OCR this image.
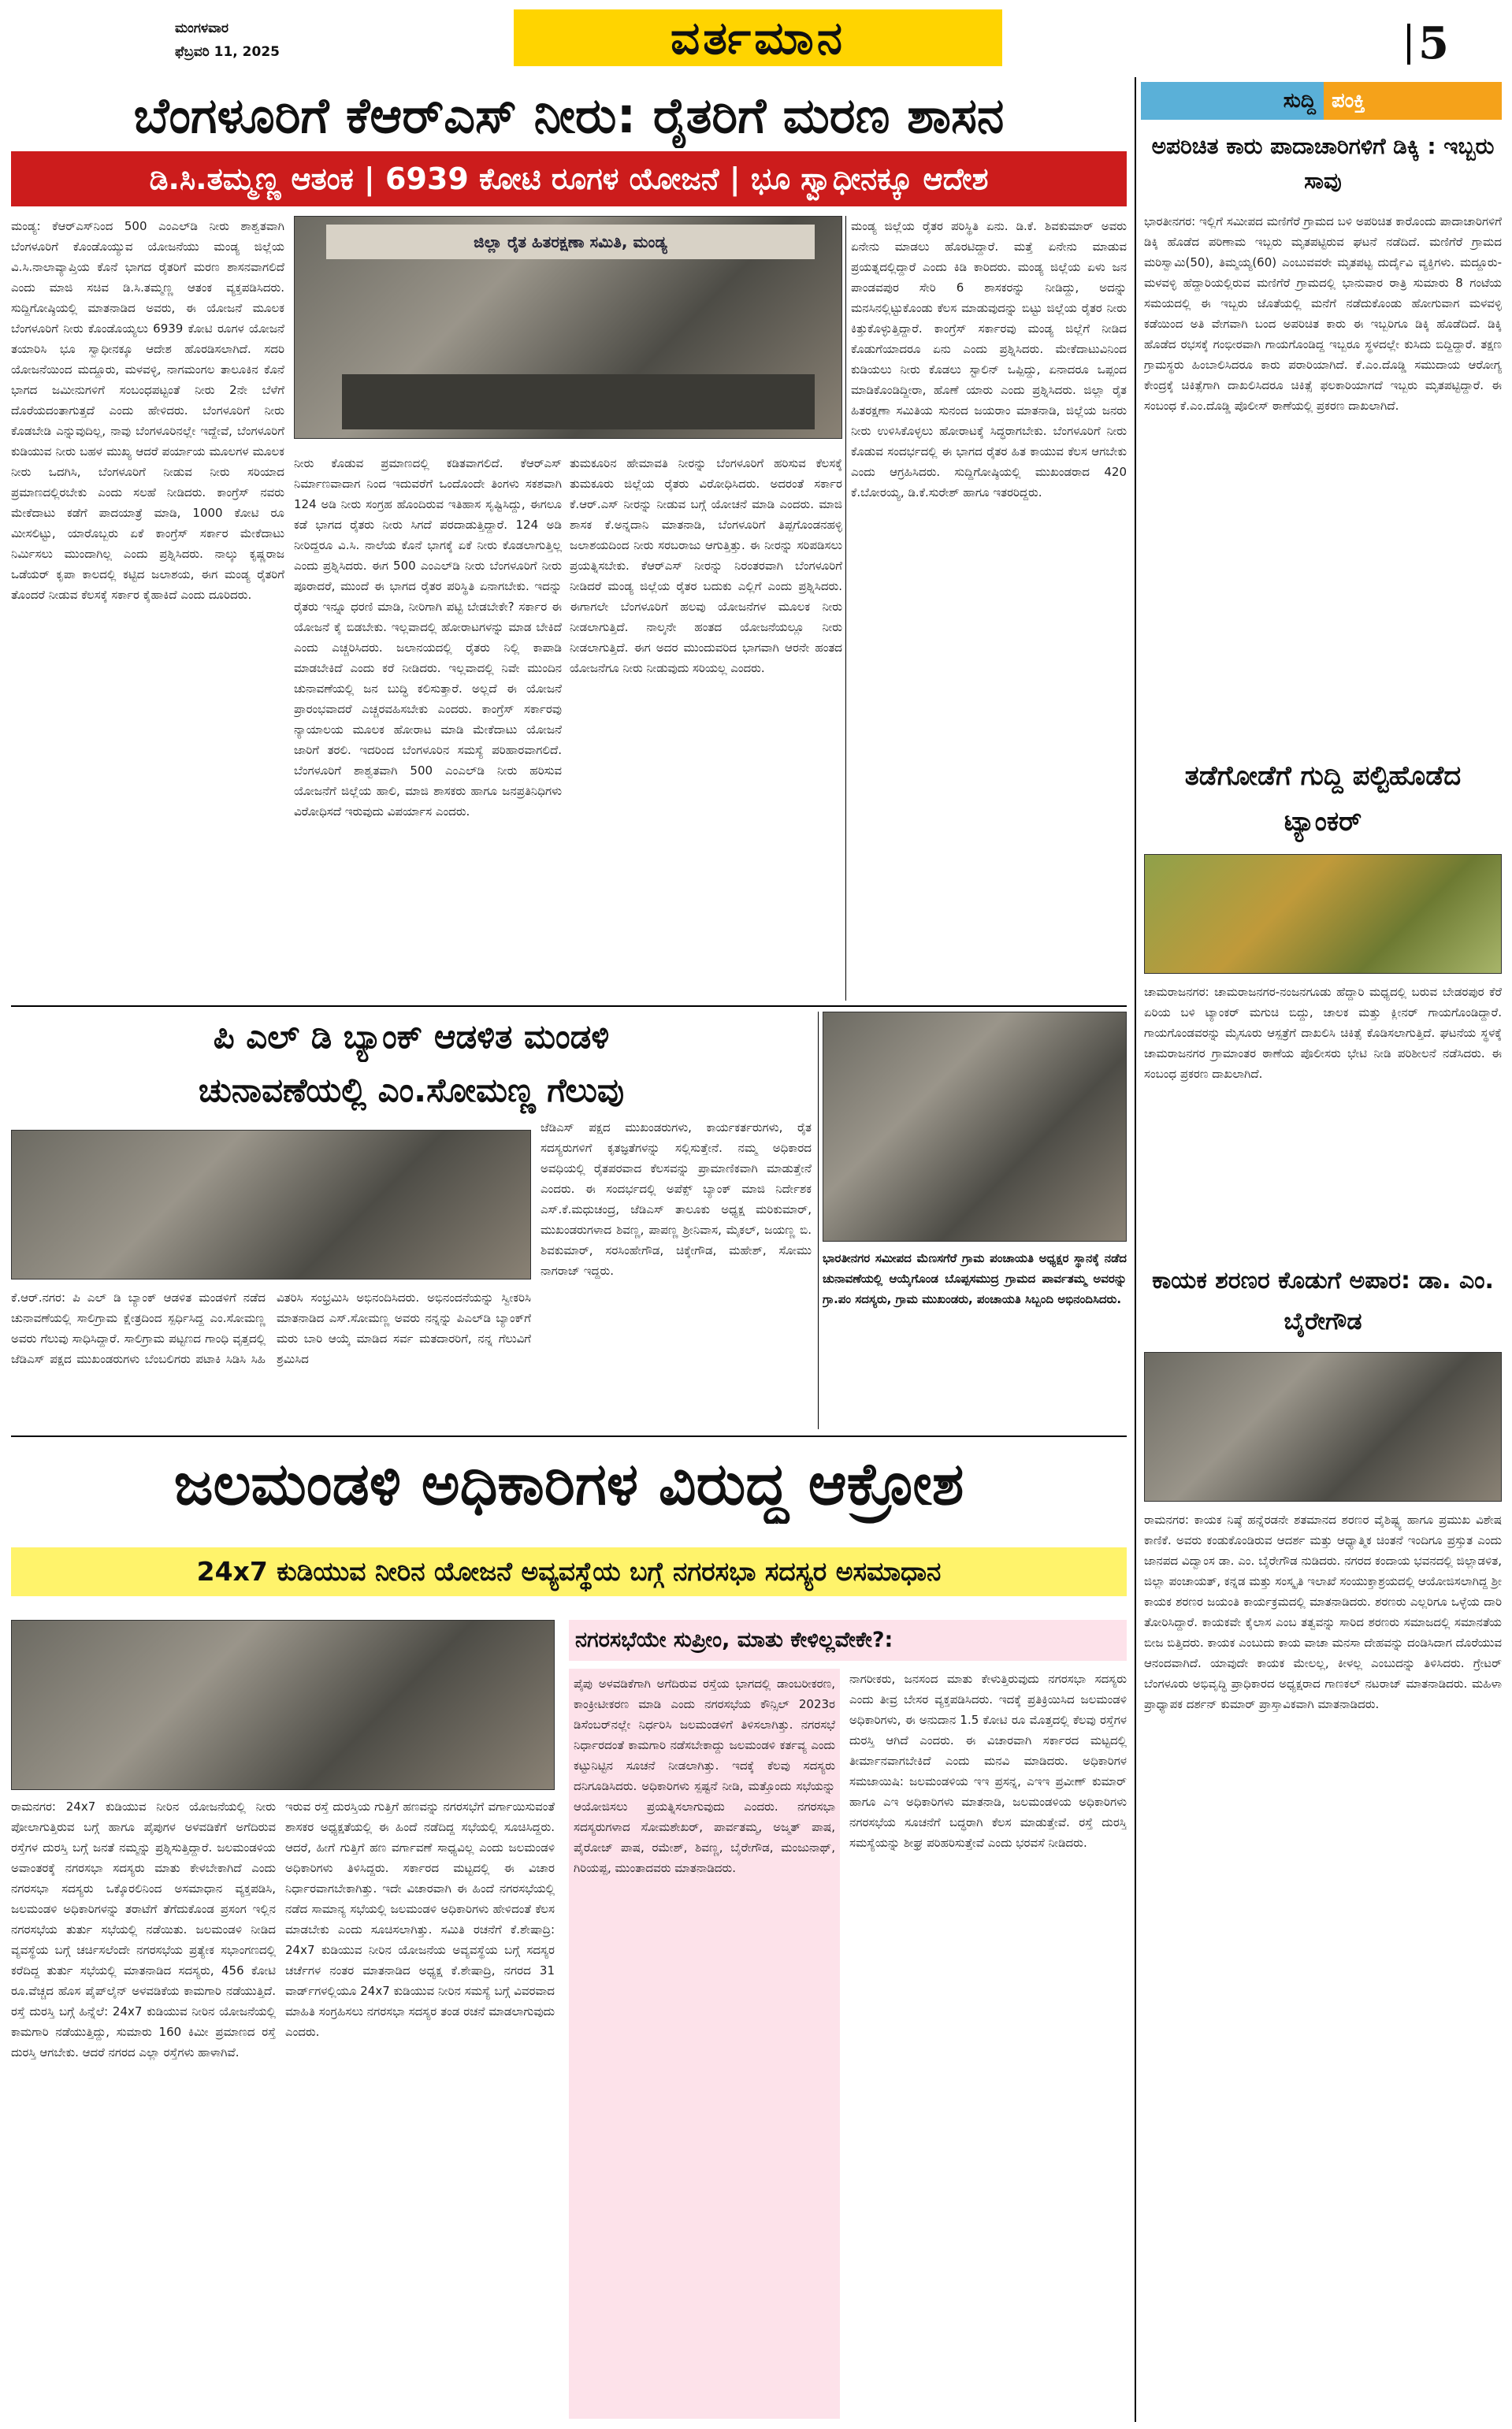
ಮಂಗಳವಾರ
ಫೆಬ್ರವರಿ 11, 2025	ವರ್ತಮಾನ	5
ಬೆಂಗಳೂರಿಗೆ ಕೆಆರ್‌ಎಸ್ ನೀರು: ರೈತರಿಗೆ ಮರಣ ಶಾಸನ
ಡಿ.ಸಿ.ತಮ್ಮಣ್ಣ ಆತಂಕ | 6939 ಕೋಟಿ ರೂಗಳ ಯೋಜನೆ | ಭೂ ಸ್ವಾಧೀನಕ್ಕೂ ಆದೇಶ
ಜಿಲ್ಲಾ ರೈತ ಹಿತರಕ್ಷಣಾ ಸಮಿತಿ, ಮಂಡ್ಯ
ಮಂಡ್ಯ: ಕೆಆರ್‌ಎಸ್‌ನಿಂದ 500 ಎಂಎಲ್‌ಡಿ ನೀರು ಶಾಶ್ವತವಾಗಿ ಬೆಂಗಳೂರಿಗೆ ಕೊಂಡೊಯ್ಯುವ ಯೋಜನೆಯು ಮಂಡ್ಯ ಜಿಲ್ಲೆಯ ವಿ.ಸಿ.ನಾಲಾವ್ಯಾಪ್ತಿಯ ಕೊನೆ ಭಾಗದ ರೈತರಿಗೆ ಮರಣ ಶಾಸನವಾಗಲಿದೆ ಎಂದು ಮಾಜಿ ಸಚಿವ ಡಿ.ಸಿ.ತಮ್ಮಣ್ಣ ಆತಂಕ ವ್ಯಕ್ತಪಡಿಸಿದರು. ಸುದ್ದಿಗೋಷ್ಠಿಯಲ್ಲಿ ಮಾತನಾಡಿದ ಅವರು, ಈ ಯೋಜನೆ ಮೂಲಕ ಬೆಂಗಳೂರಿಗೆ ನೀರು ಕೊಂಡೊಯ್ಯಲು 6939 ಕೋಟಿ ರೂಗಳ ಯೋಜನೆ ತಯಾರಿಸಿ ಭೂ ಸ್ವಾಧೀನಕ್ಕೂ ಆದೇಶ ಹೊರಡಿಸಲಾಗಿದೆ. ಸದರಿ ಯೋಜನೆಯಿಂದ ಮದ್ದೂರು, ಮಳವಳ್ಳಿ, ನಾಗಮಂಗಲ ತಾಲೂಕಿನ ಕೊನೆ ಭಾಗದ ಜಮೀನುಗಳಿಗೆ ಸಂಬಂಧಪಟ್ಟಂತೆ ನೀರು 2ನೇ ಬೆಳೆಗೆ ದೊರೆಯದಂತಾಗುತ್ತದೆ ಎಂದು ಹೇಳಿದರು. ಬೆಂಗಳೂರಿಗೆ ನೀರು ಕೊಡಬೇಡಿ ಎನ್ನುವುದಿಲ್ಲ, ನಾವು ಬೆಂಗಳೂರಿನಲ್ಲೇ ಇದ್ದೇವೆ, ಬೆಂಗಳೂರಿಗೆ ಕುಡಿಯುವ ನೀರು ಬಹಳ ಮುಖ್ಯ ಆದರೆ ಪರ್ಯಾಯ ಮೂಲಗಳ ಮೂಲಕ ನೀರು ಒದಗಿಸಿ, ಬೆಂಗಳೂರಿಗೆ ನೀಡುವ ನೀರು ಸರಿಯಾದ ಪ್ರಮಾಣದಲ್ಲಿರಬೇಕು ಎಂದು ಸಲಹೆ ನೀಡಿದರು. ಕಾಂಗ್ರೆಸ್ ನವರು ಮೇಕೆದಾಟು ಕಡೆಗೆ ಪಾದಯಾತ್ರೆ ಮಾಡಿ, 1000 ಕೋಟಿ ರೂ ಮೀಸಲಿಟ್ಟು, ಯಾರೊಬ್ಬರು ಏಕೆ ಕಾಂಗ್ರೆಸ್ ಸರ್ಕಾರ ಮೇಕೆದಾಟು ನಿರ್ಮಿಸಲು ಮುಂದಾಗಿಲ್ಲ ಎಂದು ಪ್ರಶ್ನಿಸಿದರು. ನಾಲ್ಕು ಕೃಷ್ಣರಾಜ ಒಡೆಯರ್ ಕೃಪಾ ಕಾಲದಲ್ಲಿ ಕಟ್ಟಿದ ಜಲಾಶಯ, ಈಗ ಮಂಡ್ಯ ರೈತರಿಗೆ ತೊಂದರೆ ನೀಡುವ ಕೆಲಸಕ್ಕೆ ಸರ್ಕಾರ ಕೈಹಾಕಿದೆ ಎಂದು ದೂರಿದರು.
ನೀರು ಕೊಡುವ ಪ್ರಮಾಣದಲ್ಲಿ ಕಡಿತವಾಗಲಿದೆ. ಕೆಆರ್‌ಎಸ್ ನಿರ್ಮಾಣವಾದಾಗ ನಿಂದ ಇದುವರೆಗೆ ಒಂದೊಂದೇ ತಿಂಗಳು ಸಕಶವಾಗಿ 124 ಅಡಿ ನೀರು ಸಂಗ್ರಹ ಹೊಂದಿರುವ ಇತಿಹಾಸ ಸೃಷ್ಟಿಸಿದ್ದು, ಈಗಲೂ ಕಡೆ ಭಾಗದ ರೈತರು ನೀರು ಸಿಗದೆ ಪರದಾಡುತ್ತಿದ್ದಾರೆ. 124 ಅಡಿ ನೀರಿದ್ದರೂ ವಿ.ಸಿ. ನಾಲೆಯ ಕೊನೆ ಭಾಗಕ್ಕೆ ಏಕೆ ನೀರು ಕೊಡಲಾಗುತ್ತಿಲ್ಲ ಎಂದು ಪ್ರಶ್ನಿಸಿದರು. ಈಗ 500 ಎಂಎಲ್‌ಡಿ ನೀರು ಬೆಂಗಳೂರಿಗೆ ನೀರು ಪೂರಾದರೆ, ಮುಂದೆ ಈ ಭಾಗದ ರೈತರ ಪರಿಸ್ಥಿತಿ ಏನಾಗಬೇಕು. ಇದನ್ನು ರೈತರು ಇನ್ನೂ ಧರಣಿ ಮಾಡಿ, ನೀರಿಗಾಗಿ ಪಟ್ಟಿ ಬೇಡಬೇಕೇ? ಸರ್ಕಾರ ಈ ಯೋಜನೆ ಕೈ ಬಿಡಬೇಕು. ಇಲ್ಲವಾದಲ್ಲಿ ಹೋರಾಟಗಳನ್ನು ಮಾಡ ಬೇಕಿದೆ ಎಂದು ಎಚ್ಚರಿಸಿದರು. ಜಲಾನಯದಲ್ಲಿ ರೈತರು ನಿಲ್ಲಿ ಕಾಪಾಡಿ ಮಾಡಬೇಕಿದೆ ಎಂದು ಕರೆ ನೀಡಿದರು. ಇಲ್ಲವಾದಲ್ಲಿ ನಿವೇ ಮುಂದಿನ ಚುನಾವಣೆಯಲ್ಲಿ ಜನ ಬುದ್ಧಿ ಕಲಿಸುತ್ತಾರೆ. ಅಲ್ಲದೆ ಈ ಯೋಜನೆ ಪ್ರಾರಂಭವಾದರೆ ಎಚ್ಚರವಹಿಸಬೇಕು ಎಂದರು. ಕಾಂಗ್ರೆಸ್ ಸರ್ಕಾರವು ನ್ಯಾಯಾಲಯ ಮೂಲಕ ಹೋರಾಟ ಮಾಡಿ ಮೇಕೆದಾಟು ಯೋಜನೆ ಜಾರಿಗೆ ತರಲಿ. ಇದರಿಂದ ಬೆಂಗಳೂರಿನ ಸಮಸ್ಯೆ ಪರಿಹಾರವಾಗಲಿದೆ. ಬೆಂಗಳೂರಿಗೆ ಶಾಶ್ವತವಾಗಿ 500 ಎಂಎಲ್‌ಡಿ ನೀರು ಹರಿಸುವ ಯೋಜನೆಗೆ ಜಿಲ್ಲೆಯ ಹಾಲಿ, ಮಾಜಿ ಶಾಸಕರು ಹಾಗೂ ಜನಪ್ರತಿನಿಧಿಗಳು ವಿರೋಧಿಸದೆ ಇರುವುದು ವಿಪರ್ಯಾಸ ಎಂದರು.
ತುಮಕೂರಿನ ಹೇಮಾವತಿ ನೀರನ್ನು ಬೆಂಗಳೂರಿಗೆ ಹರಿಸುವ ಕೆಲಸಕ್ಕೆ ತುಮಕೂರು ಜಿಲ್ಲೆಯ ರೈತರು ವಿರೋಧಿಸಿದರು. ಅದರಂತೆ ಸರ್ಕಾರ ಕೆ.ಆರ್.ಎಸ್ ನೀರನ್ನು ನೀಡುವ ಬಗ್ಗೆ ಯೋಚನೆ ಮಾಡಿ ಎಂದರು. ಮಾಜಿ ಶಾಸಕ ಕೆ.ಅನ್ನದಾನಿ ಮಾತನಾಡಿ, ಬೆಂಗಳೂರಿಗೆ ತಿಪ್ಪಗೊಂಡನಹಳ್ಳಿ ಜಲಾಶಯದಿಂದ ನೀರು ಸರಬರಾಜು ಆಗುತ್ತಿತ್ತು. ಈ ನೀರನ್ನು ಸರಿಪಡಿಸಲು ಪ್ರಯತ್ನಿಸಬೇಕು. ಕೆಆರ್‌ಎಸ್ ನೀರನ್ನು ನಿರಂತರವಾಗಿ ಬೆಂಗಳೂರಿಗೆ ನೀಡಿದರೆ ಮಂಡ್ಯ ಜಿಲ್ಲೆಯ ರೈತರ ಬದುಕು ಎಲ್ಲಿಗೆ ಎಂದು ಪ್ರಶ್ನಿಸಿದರು. ಈಗಾಗಲೇ ಬೆಂಗಳೂರಿಗೆ ಹಲವು ಯೋಜನೆಗಳ ಮೂಲಕ ನೀರು ನೀಡಲಾಗುತ್ತಿದೆ. ನಾಲ್ಕನೇ ಹಂತದ ಯೋಜನೆಯಲ್ಲೂ ನೀರು ನೀಡಲಾಗುತ್ತಿದೆ. ಈಗ ಅದರ ಮುಂದುವರಿದ ಭಾಗವಾಗಿ ಆರನೇ ಹಂತದ ಯೋಜನೆಗೂ ನೀರು ನೀಡುವುದು ಸರಿಯಲ್ಲ ಎಂದರು.
ಮಂಡ್ಯ ಜಿಲ್ಲೆಯ ರೈತರ ಪರಿಸ್ಥಿತಿ ಏನು. ಡಿ.ಕೆ. ಶಿವಕುಮಾರ್ ಅವರು ಏನೇನು ಮಾಡಲು ಹೊರಟಿದ್ದಾರೆ. ಮತ್ತೆ ಏನೇನು ಮಾಡುವ ಪ್ರಯತ್ನದಲ್ಲಿದ್ದಾರೆ ಎಂದು ಕಿಡಿ ಕಾರಿದರು. ಮಂಡ್ಯ ಜಿಲ್ಲೆಯ ಏಳು ಜನ ಪಾಂಡವಪುರ ಸೇರಿ 6 ಶಾಸಕರನ್ನು ನೀಡಿದ್ದು, ಅದನ್ನು ಮನಸಿನಲ್ಲಿಟ್ಟುಕೊಂಡು ಕೆಲಸ ಮಾಡುವುದನ್ನು ಬಿಟ್ಟು ಜಿಲ್ಲೆಯ ರೈತರ ನೀರು ಕಿತ್ತುಕೊಳ್ಳುತ್ತಿದ್ದಾರೆ. ಕಾಂಗ್ರೆಸ್ ಸರ್ಕಾರವು ಮಂಡ್ಯ ಜಿಲ್ಲೆಗೆ ನೀಡಿದ ಕೊಡುಗೆಯಾದರೂ ಏನು ಎಂದು ಪ್ರಶ್ನಿಸಿದರು. ಮೇಕೆದಾಟುವಿನಿಂದ ಕುಡಿಯಲು ನೀರು ಕೊಡಲು ಸ್ಟಾಲಿನ್ ಒಪ್ಪಿದ್ದು, ಏನಾದರೂ ಒಪ್ಪಂದ ಮಾಡಿಕೊಂಡಿದ್ದೀರಾ, ಹೊಣೆ ಯಾರು ಎಂದು ಪ್ರಶ್ನಿಸಿದರು. ಜಿಲ್ಲಾ ರೈತ ಹಿತರಕ್ಷಣಾ ಸಮಿತಿಯ ಸುನಂದ ಜಯರಾಂ ಮಾತನಾಡಿ, ಜಿಲ್ಲೆಯ ಜನರು ನೀರು ಉಳಿಸಿಕೊಳ್ಳಲು ಹೋರಾಟಕ್ಕೆ ಸಿದ್ಧರಾಗಬೇಕು. ಬೆಂಗಳೂರಿಗೆ ನೀರು ಕೊಡುವ ಸಂದರ್ಭದಲ್ಲಿ ಈ ಭಾಗದ ರೈತರ ಹಿತ ಕಾಯುವ ಕೆಲಸ ಆಗಬೇಕು ಎಂದು ಆಗ್ರಹಿಸಿದರು. ಸುದ್ದಿಗೋಷ್ಠಿಯಲ್ಲಿ ಮುಖಂಡರಾದ 420 ಕೆ.ಬೋರಯ್ಯ, ಡಿ.ಕೆ.ಸುರೇಶ್ ಹಾಗೂ ಇತರರಿದ್ದರು.
ಪಿ ಎಲ್ ಡಿ ಬ್ಯಾಂಕ್ ಆಡಳಿತ ಮಂಡಳಿ
ಚುನಾವಣೆಯಲ್ಲಿ ಎಂ.ಸೋಮಣ್ಣ ಗೆಲುವು
ಜೆಡಿಎಸ್ ಪಕ್ಷದ ಮುಖಂಡರುಗಳು, ಕಾರ್ಯಕರ್ತರುಗಳು, ರೈತ ಸದಸ್ಯರುಗಳಿಗೆ ಕೃತಜ್ಞತೆಗಳನ್ನು ಸಲ್ಲಿಸುತ್ತೇನೆ. ನಮ್ಮ ಅಧಿಕಾರದ ಅವಧಿಯಲ್ಲಿ ರೈತಪರವಾದ ಕೆಲಸವನ್ನು ಪ್ರಾಮಾಣಿಕವಾಗಿ ಮಾಡುತ್ತೇನೆ ಎಂದರು. ಈ ಸಂದರ್ಭದಲ್ಲಿ ಅಪೆಕ್ಸ್ ಬ್ಯಾಂಕ್ ಮಾಜಿ ನಿರ್ದೇಶಕ ಎಸ್.ಕೆ.ಮಧುಚಂದ್ರ, ಜೆಡಿಎಸ್ ತಾಲೂಕು ಅಧ್ಯಕ್ಷ ಮರಿಕುಮಾರ್, ಮುಖಂಡರುಗಳಾದ ಶಿವಣ್ಣ, ಪಾಪಣ್ಣ ಶ್ರೀನಿವಾಸ, ಮೈಕಲ್, ಜಯಣ್ಣ ಬಿ. ಶಿವಕುಮಾರ್, ಸರಸಿಂಹೇಗೌಡ, ಚಿಕ್ಕೇಗೌಡ, ಮಹೇಶ್, ಸೋಮು ನಾಗರಾಜ್ ಇದ್ದರು.
ಕೆ.ಆರ್.ನಗರ: ಪಿ ಎಲ್ ಡಿ ಬ್ಯಾಂಕ್ ಆಡಳಿತ ಮಂಡಳಿಗೆ ನಡೆದ ಚುನಾವಣೆಯಲ್ಲಿ ಸಾಲಿಗ್ರಾಮ ಕ್ಷೇತ್ರದಿಂದ ಸ್ಪರ್ಧಿಸಿದ್ದ ಎಂ.ಸೋಮಣ್ಣ ಅವರು ಗೆಲುವು ಸಾಧಿಸಿದ್ದಾರೆ. ಸಾಲಿಗ್ರಾಮ ಪಟ್ಟಣದ ಗಾಂಧಿ ವೃತ್ತದಲ್ಲಿ ಜೆಡಿಎಸ್ ಪಕ್ಷದ ಮುಖಂಡರುಗಳು ಬೆಂಬಲಿಗರು ಪಟಾಕಿ ಸಿಡಿಸಿ ಸಿಹಿ ವಿತರಿಸಿ ಸಂಭ್ರಮಿಸಿ ಅಭಿನಂದಿಸಿದರು. ಅಭಿನಂದನೆಯನ್ನು ಸ್ವೀಕರಿಸಿ ಮಾತನಾಡಿದ ಎಸ್.ಸೋಮಣ್ಣ ಅವರು ನನ್ನನ್ನು ಪಿಎಲ್‌ಡಿ ಬ್ಯಾಂಕ್‌ಗೆ ಮರು ಬಾರಿ ಆಯ್ಕೆ ಮಾಡಿದ ಸರ್ವ ಮತದಾರರಿಗೆ, ನನ್ನ ಗೆಲುವಿಗೆ ಶ್ರಮಿಸಿದ
ಭಾರತೀನಗರ ಸಮೀಪದ ಮೆಣಸಗೆರೆ ಗ್ರಾಮ ಪಂಚಾಯತಿ ಅಧ್ಯಕ್ಷರ ಸ್ಥಾನಕ್ಕೆ ನಡೆದ ಚುನಾವಣೆಯಲ್ಲಿ ಆಯ್ಕೆಗೊಂಡ ಬೊಪ್ಪಸಮುದ್ರ ಗ್ರಾಮದ ಪಾರ್ವತಮ್ಮ ಅವರನ್ನು ಗ್ರಾ.ಪಂ ಸದಸ್ಯರು, ಗ್ರಾಮ ಮುಖಂಡರು, ಪಂಚಾಯತಿ ಸಿಬ್ಬಂದಿ ಅಭಿನಂದಿಸಿದರು.
ಜಲಮಂಡಳಿ ಅಧಿಕಾರಿಗಳ ವಿರುದ್ಧ ಆಕ್ರೋಶ
24x7 ಕುಡಿಯುವ ನೀರಿನ ಯೋಜನೆ ಅವ್ಯವಸ್ಥೆಯ ಬಗ್ಗೆ ನಗರಸಭಾ ಸದಸ್ಯರ ಅಸಮಾಧಾನ
ನಗರಸಭೆಯೇ ಸುಪ್ರೀಂ, ಮಾತು ಕೇಳಿಲ್ಲವೇಕೇ?:
ರಾಮನಗರ: 24x7 ಕುಡಿಯುವ ನೀರಿನ ಯೋಜನೆಯಲ್ಲಿ ನೀರು ಪೋಲಾಗುತ್ತಿರುವ ಬಗ್ಗೆ ಹಾಗೂ ಪೈಪುಗಳ ಅಳವಡಿಕೆಗೆ ಅಗೆದಿರುವ ರಸ್ತೆಗಳ ದುರಸ್ತಿ ಬಗ್ಗೆ ಜನತೆ ನಮ್ಮನ್ನು ಪ್ರಶ್ನಿಸುತ್ತಿದ್ದಾರೆ. ಜಲಮಂಡಳಿಯ ಅವಾಂತರಕ್ಕೆ ನಗರಸಭಾ ಸದಸ್ಯರು ಮಾತು ಕೇಳಬೇಕಾಗಿದೆ ಎಂದು ನಗರಸಭಾ ಸದಸ್ಯರು ಒಕ್ಕೊರಲಿನಿಂದ ಅಸಮಾಧಾನ ವ್ಯಕ್ತಪಡಿಸಿ, ಜಲಮಂಡಳಿ ಅಧಿಕಾರಿಗಳನ್ನು ತರಾಟೆಗೆ ತೆಗೆದುಕೊಂಡ ಪ್ರಸಂಗ ಇಲ್ಲಿನ ನಗರಸಭೆಯ ತುರ್ತು ಸಭೆಯಲ್ಲಿ ನಡೆಯಿತು. ಜಲಮಂಡಳಿ ನೀಡಿದ ವ್ಯವಸ್ಥೆಯ ಬಗ್ಗೆ ಚರ್ಚಿಸಲೆಂದೇ ನಗರಸಭೆಯ ಪ್ರತ್ಯೇಕ ಸಭಾಂಗಣದಲ್ಲಿ ಕರೆದಿದ್ದ ತುರ್ತು ಸಭೆಯಲ್ಲಿ ಮಾತನಾಡಿದ ಸದಸ್ಯರು, 456 ಕೋಟಿ ರೂ.ವೆಚ್ಚದ ಹೊಸ ಪೈಪ್‌ಲೈನ್ ಅಳವಡಿಕೆಯ ಕಾಮಗಾರಿ ನಡೆಯುತ್ತಿದೆ. ರಸ್ತೆ ದುರಸ್ತಿ ಬಗ್ಗೆ ಹಿನ್ನೆಲೆ: 24x7 ಕುಡಿಯುವ ನೀರಿನ ಯೋಜನೆಯಲ್ಲಿ ಕಾಮಗಾರಿ ನಡೆಯುತ್ತಿದ್ದು, ಸುಮಾರು 160 ಕಿಮೀ ಪ್ರಮಾಣದ ರಸ್ತೆ ದುರಸ್ತಿ ಆಗಬೇಕು. ಆದರೆ ನಗರದ ಎಲ್ಲಾ ರಸ್ತೆಗಳು ಹಾಳಾಗಿವೆ.
ಇರುವ ರಸ್ತೆ ದುರಸ್ತಿಯ ಗುತ್ತಿಗೆ ಹಣವನ್ನು ನಗರಸಭೆಗೆ ವರ್ಗಾಯಿಸುವಂತೆ ಶಾಸಕರ ಅಧ್ಯಕ್ಷತೆಯಲ್ಲಿ ಈ ಹಿಂದೆ ನಡೆದಿದ್ದ ಸಭೆಯಲ್ಲಿ ಸೂಚಿಸಿದ್ದರು. ಆದರೆ, ಹೀಗೆ ಗುತ್ತಿಗೆ ಹಣ ವರ್ಗಾವಣೆ ಸಾಧ್ಯವಿಲ್ಲ ಎಂದು ಜಲಮಂಡಳಿ ಅಧಿಕಾರಿಗಳು ತಿಳಿಸಿದ್ದರು. ಸರ್ಕಾರದ ಮಟ್ಟದಲ್ಲಿ ಈ ವಿಚಾರ ನಿರ್ಧಾರವಾಗಬೇಕಾಗಿತ್ತು. ಇದೇ ವಿಚಾರವಾಗಿ ಈ ಹಿಂದೆ ನಗರಸಭೆಯಲ್ಲಿ ನಡೆದ ಸಾಮಾನ್ಯ ಸಭೆಯಲ್ಲಿ ಜಲಮಂಡಳಿ ಅಧಿಕಾರಿಗಳು ಹೇಳಿದಂತೆ ಕೆಲಸ ಮಾಡಬೇಕು ಎಂದು ಸೂಚಿಸಲಾಗಿತ್ತು. ಸಮಿತಿ ರಚನೆಗೆ ಕೆ.ಶೇಷಾದ್ರಿ: 24x7 ಕುಡಿಯುವ ನೀರಿನ ಯೋಜನೆಯ ಅವ್ಯವಸ್ಥೆಯ ಬಗ್ಗೆ ಸದಸ್ಯರ ಚರ್ಚೆಗಳ ನಂತರ ಮಾತನಾಡಿದ ಅಧ್ಯಕ್ಷ ಕೆ.ಶೇಷಾದ್ರಿ, ನಗರದ 31 ವಾರ್ಡ್‌ಗಳಲ್ಲಿಯೂ 24x7 ಕುಡಿಯುವ ನೀರಿನ ಸಮಸ್ಯೆ ಬಗ್ಗೆ ವಿವರವಾದ ಮಾಹಿತಿ ಸಂಗ್ರಹಿಸಲು ನಗರಸಭಾ ಸದಸ್ಯರ ತಂಡ ರಚನೆ ಮಾಡಲಾಗುವುದು ಎಂದರು.
ಪೈಪು ಅಳವಡಿಕೆಗಾಗಿ ಅಗೆದಿರುವ ರಸ್ತೆಯ ಭಾಗದಲ್ಲಿ ಡಾಂಬರೀಕರಣ, ಕಾಂಕ್ರೀಟೀಕರಣ ಮಾಡಿ ಎಂದು ನಗರಸಭೆಯ ಕೌನ್ಸಿಲ್ 2023ರ ಡಿಸೆಂಬರ್‌ನಲ್ಲೇ ನಿರ್ಧರಿಸಿ ಜಲಮಂಡಳಿಗೆ ತಿಳಿಸಲಾಗಿತ್ತು. ನಗರಸಭೆ ನಿರ್ಧಾರದಂತೆ ಕಾಮಗಾರಿ ನಡೆಸಬೇಕಾದ್ದು ಜಲಮಂಡಳಿ ಕರ್ತವ್ಯ ಎಂದು ಕಟ್ಟುನಿಟ್ಟಿನ ಸೂಚನೆ ನೀಡಲಾಗಿತ್ತು. ಇದಕ್ಕೆ ಕೆಲವು ಸದಸ್ಯರು ದನಿಗೂಡಿಸಿದರು. ಅಧಿಕಾರಿಗಳು ಸ್ಪಷ್ಟನೆ ನೀಡಿ, ಮತ್ತೊಂದು ಸಭೆಯನ್ನು ಆಯೋಜಿಸಲು ಪ್ರಯತ್ನಿಸಲಾಗುವುದು ಎಂದರು. ನಗರಸಭಾ ಸದಸ್ಯರುಗಳಾದ ಸೋಮಶೇಖರ್, ಪಾರ್ವತಮ್ಮ, ಅಜ್ಮತ್ ಪಾಷ, ಪೈರೋಜ್ ಪಾಷ, ರಮೇಶ್, ಶಿವಣ್ಣ, ಬೈರೇಗೌಡ, ಮಂಜುನಾಥ್, ಗಿರಿಯಪ್ಪ, ಮುಂತಾದವರು ಮಾತನಾಡಿದರು.
ನಾಗರೀಕರು, ಜನಸಂದ ಮಾತು ಕೇಳುತ್ತಿರುವುದು ನಗರಸಭಾ ಸದಸ್ಯರು ಎಂದು ತೀವ್ರ ಬೇಸರ ವ್ಯಕ್ತಪಡಿಸಿದರು. ಇದಕ್ಕೆ ಪ್ರತಿಕ್ರಿಯಿಸಿದ ಜಲಮಂಡಳಿ ಅಧಿಕಾರಿಗಳು, ಈ ಅನುದಾನ 1.5 ಕೋಟಿ ರೂ ಮೊತ್ತದಲ್ಲಿ ಕೆಲವು ರಸ್ತೆಗಳ ದುರಸ್ತಿ ಆಗಿದೆ ಎಂದರು. ಈ ವಿಚಾರವಾಗಿ ಸರ್ಕಾರದ ಮಟ್ಟದಲ್ಲಿ ತೀರ್ಮಾನವಾಗಬೇಕಿದೆ ಎಂದು ಮನವಿ ಮಾಡಿದರು. ಅಧಿಕಾರಿಗಳ ಸಮಜಾಯಿಷಿ: ಜಲಮಂಡಳಿಯ ಇಇ ಪ್ರಸನ್ನ, ಎಇಇ ಪ್ರವೀಣ್ ಕುಮಾರ್ ಹಾಗೂ ಎಇ ಅಧಿಕಾರಿಗಳು ಮಾತನಾಡಿ, ಜಲಮಂಡಳಿಯ ಅಧಿಕಾರಿಗಳು ನಗರಸಭೆಯ ಸೂಚನೆಗೆ ಬದ್ಧರಾಗಿ ಕೆಲಸ ಮಾಡುತ್ತೇವೆ. ರಸ್ತೆ ದುರಸ್ತಿ ಸಮಸ್ಯೆಯನ್ನು ಶೀಘ್ರ ಪರಿಹರಿಸುತ್ತೇವೆ ಎಂದು ಭರವಸೆ ನೀಡಿದರು.
ಸುದ್ದಿ ಪಂಕ್ತಿ
ಅಪರಿಚಿತ ಕಾರು ಪಾದಾಚಾರಿಗಳಿಗೆ ಡಿಕ್ಕಿ : ಇಬ್ಬರು ಸಾವು
ಭಾರತೀನಗರ: ಇಲ್ಲಿಗೆ ಸಮೀಪದ ಮಣಿಗೆರೆ ಗ್ರಾಮದ ಬಳಿ ಅಪರಿಚಿತ ಕಾರೊಂದು ಪಾದಾಚಾರಿಗಳಿಗೆ ಡಿಕ್ಕಿ ಹೊಡೆದ ಪರಿಣಾಮ ಇಬ್ಬರು ಮೃತಪಟ್ಟಿರುವ ಘಟನೆ ನಡೆದಿದೆ. ಮಣಿಗೆರೆ ಗ್ರಾಮದ ಮರಿಸ್ವಾಮಿ(50), ತಿಮ್ಮಯ್ಯ(60) ಎಂಬುವವರೇ ಮೃತಪಟ್ಟ ದುರ್ದೈವಿ ವ್ಯಕ್ತಿಗಳು. ಮದ್ದೂರು-ಮಳವಳ್ಳಿ ಹೆದ್ದಾರಿಯಲ್ಲಿರುವ ಮಣಿಗೆರೆ ಗ್ರಾಮದಲ್ಲಿ ಭಾನುವಾರ ರಾತ್ರಿ ಸುಮಾರು 8 ಗಂಟೆಯ ಸಮಯದಲ್ಲಿ ಈ ಇಬ್ಬರು ಜೊತೆಯಲ್ಲಿ ಮನೆಗೆ ನಡೆದುಕೊಂಡು ಹೋಗುವಾಗ ಮಳವಳ್ಳಿ ಕಡೆಯಿಂದ ಅತಿ ವೇಗವಾಗಿ ಬಂದ ಅಪರಿಚಿತ ಕಾರು ಈ ಇಬ್ಬರಿಗೂ ಡಿಕ್ಕಿ ಹೊಡೆದಿದೆ. ಡಿಕ್ಕಿ ಹೊಡೆದ ರಭಸಕ್ಕೆ ಗಂಭೀರವಾಗಿ ಗಾಯಗೊಂಡಿದ್ದ ಇಬ್ಬರೂ ಸ್ಥಳದಲ್ಲೇ ಕುಸಿದು ಬಿದ್ದಿದ್ದಾರೆ. ತಕ್ಷಣ ಗ್ರಾಮಸ್ಥರು ಹಿಂಬಾಲಿಸಿದರೂ ಕಾರು ಪರಾರಿಯಾಗಿದೆ. ಕೆ.ಎಂ.ದೊಡ್ಡಿ ಸಮುದಾಯ ಆರೋಗ್ಯ ಕೇಂದ್ರಕ್ಕೆ ಚಿಕಿತ್ಸೆಗಾಗಿ ದಾಖಲಿಸಿದರೂ ಚಿಕಿತ್ಸೆ ಫಲಕಾರಿಯಾಗದೆ ಇಬ್ಬರು ಮೃತಪಟ್ಟಿದ್ದಾರೆ. ಈ ಸಂಬಂಧ ಕೆ.ಎಂ.ದೊಡ್ಡಿ ಪೊಲೀಸ್ ಠಾಣೆಯಲ್ಲಿ ಪ್ರಕರಣ ದಾಖಲಾಗಿದೆ.
ತಡೆಗೋಡೆಗೆ ಗುದ್ದಿ ಪಲ್ಟಿಹೊಡೆದ ಟ್ಯಾಂಕರ್
ಚಾಮರಾಜನಗರ: ಚಾಮರಾಜನಗರ-ನಂಜನಗೂಡು ಹೆದ್ದಾರಿ ಮಧ್ಯದಲ್ಲಿ ಬರುವ ಬೇಡರಪುರ ಕೆರೆ ಏರಿಯ ಬಳಿ ಟ್ಯಾಂಕರ್ ಮಗುಚಿ ಬಿದ್ದು, ಚಾಲಕ ಮತ್ತು ಕ್ಲೀನರ್ ಗಾಯಗೊಂಡಿದ್ದಾರೆ. ಗಾಯಗೊಂಡವರನ್ನು ಮೈಸೂರು ಆಸ್ಪತ್ರೆಗೆ ದಾಖಲಿಸಿ ಚಿಕಿತ್ಸೆ ಕೊಡಿಸಲಾಗುತ್ತಿದೆ. ಘಟನೆಯ ಸ್ಥಳಕ್ಕೆ ಚಾಮರಾಜನಗರ ಗ್ರಾಮಾಂತರ ಠಾಣೆಯ ಪೊಲೀಸರು ಭೇಟಿ ನೀಡಿ ಪರಿಶೀಲನೆ ನಡೆಸಿದರು. ಈ ಸಂಬಂಧ ಪ್ರಕರಣ ದಾಖಲಾಗಿದೆ.
ಕಾಯಕ ಶರಣರ ಕೊಡುಗೆ ಅಪಾರ: ಡಾ. ಎಂ. ಬೈರೇಗೌಡ
ರಾಮನಗರ: ಕಾಯಕ ನಿಷ್ಠೆ ಹನ್ನೆರಡನೇ ಶತಮಾನದ ಶರಣರ ವೈಶಿಷ್ಟ್ಯ ಹಾಗೂ ಪ್ರಮುಖ ವಿಶೇಷ ಕಾಣಿಕೆ. ಅವರು ಕಂಡುಕೊಂಡಿರುವ ಆದರ್ಶ ಮತ್ತು ಆಧ್ಯಾತ್ಮಿಕ ಚಿಂತನೆ ಇಂದಿಗೂ ಪ್ರಸ್ತುತ ಎಂದು ಜಾನಪದ ವಿದ್ವಾಂಸ ಡಾ. ಎಂ. ಬೈರೇಗೌಡ ನುಡಿದರು. ನಗರದ ಕಂದಾಯ ಭವನದಲ್ಲಿ ಜಿಲ್ಲಾಡಳಿತ, ಜಿಲ್ಲಾ ಪಂಚಾಯತ್, ಕನ್ನಡ ಮತ್ತು ಸಂಸ್ಕೃತಿ ಇಲಾಖೆ ಸಂಯುಕ್ತಾಶ್ರಯದಲ್ಲಿ ಆಯೋಜಿಸಲಾಗಿದ್ದ ಶ್ರೀ ಕಾಯಕ ಶರಣರ ಜಯಂತಿ ಕಾರ್ಯಕ್ರಮದಲ್ಲಿ ಮಾತನಾಡಿದರು. ಶರಣರು ಎಲ್ಲರಿಗೂ ಒಳ್ಳೆಯ ದಾರಿ ತೋರಿಸಿದ್ದಾರೆ. ಕಾಯಕವೇ ಕೈಲಾಸ ಎಂಬ ತತ್ವವನ್ನು ಸಾರಿದ ಶರಣರು ಸಮಾಜದಲ್ಲಿ ಸಮಾನತೆಯ ಬೀಜ ಬಿತ್ತಿದರು. ಕಾಯಕ ಎಂಬುದು ಕಾಯ ವಾಚಾ ಮನಸಾ ದೇಹವನ್ನು ದಂಡಿಸಿದಾಗ ದೊರೆಯುವ ಆನಂದವಾಗಿದೆ. ಯಾವುದೇ ಕಾಯಕ ಮೇಲಲ್ಲ, ಕೀಳಲ್ಲ ಎಂಬುದನ್ನು ತಿಳಿಸಿದರು. ಗ್ರೇಟರ್ ಬೆಂಗಳೂರು ಅಭಿವೃದ್ಧಿ ಪ್ರಾಧಿಕಾರದ ಅಧ್ಯಕ್ಷರಾದ ಗಾಣಕಲ್ ನಟರಾಜ್ ಮಾತನಾಡಿದರು. ಮಹಿಳಾ ಪ್ರಾಧ್ಯಾಪಕ ದರ್ಶನ್ ಕುಮಾರ್ ಪ್ರಾಸ್ತಾವಿಕವಾಗಿ ಮಾತನಾಡಿದರು.
